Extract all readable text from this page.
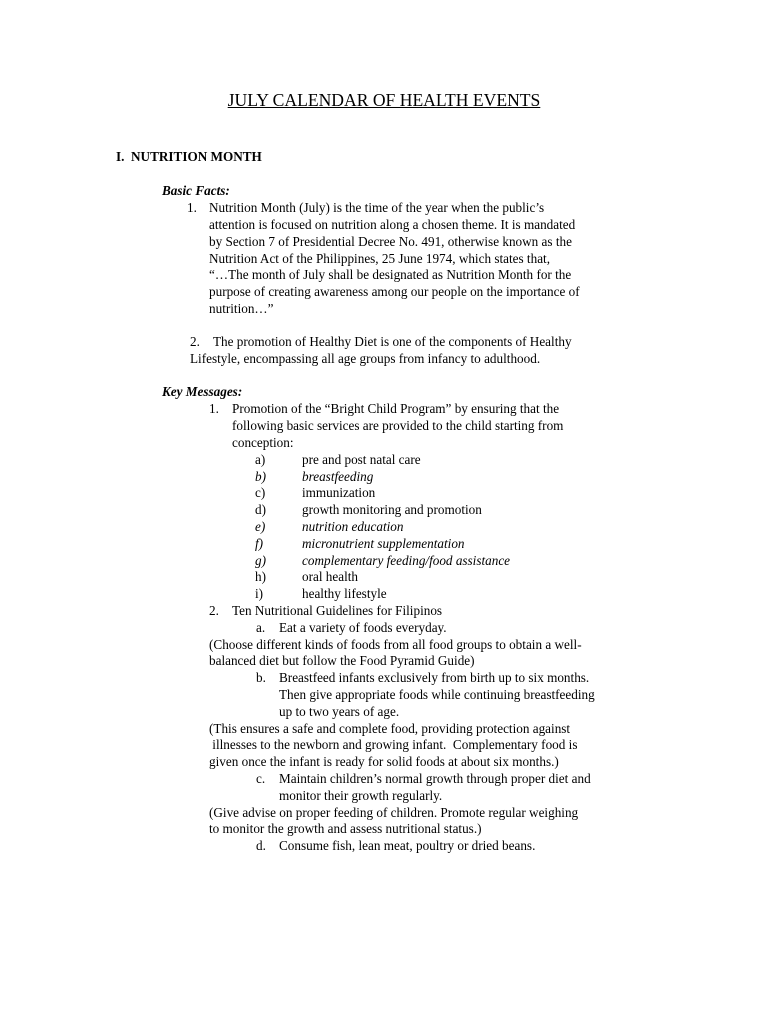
JULY CALENDAR OF HEALTH EVENTS
I. NUTRITION MONTH
Basic Facts:
1. Nutrition Month (July) is the time of the year when the public’s
attention is focused on nutrition along a chosen theme. It is mandated
by Section 7 of Presidential Decree No. 491, otherwise known as the
Nutrition Act of the Philippines, 25 June 1974, which states that,
“…The month of July shall be designated as Nutrition Month for the
purpose of creating awareness among our people on the importance of
nutrition…”
2. The promotion of Healthy Diet is one of the components of Healthy
Lifestyle, encompassing all age groups from infancy to adulthood.
Key Messages:
1. Promotion of the “Bright Child Program” by ensuring that the
following basic services are provided to the child starting from
conception:
a)	pre and post natal care
b)	breastfeeding
c)	immunization
d)	growth monitoring and promotion
e)	nutrition education
f)	micronutrient supplementation
g)	complementary feeding/food assistance
h)	oral health
i)	healthy lifestyle
2. Ten Nutritional Guidelines for Filipinos
a. Eat a variety of foods everyday.
(Choose different kinds of foods from all food groups to obtain a well-
balanced diet but follow the Food Pyramid Guide)
b. Breastfeed infants exclusively from birth up to six months.
Then give appropriate foods while continuing breastfeeding
up to two years of age.
(This ensures a safe and complete food, providing protection against
illnesses to the newborn and growing infant.  Complementary food is
given once the infant is ready for solid foods at about six months.)
c. Maintain children’s normal growth through proper diet and
monitor their growth regularly.
(Give advise on proper feeding of children. Promote regular weighing
to monitor the growth and assess nutritional status.)
d. Consume fish, lean meat, poultry or dried beans.
